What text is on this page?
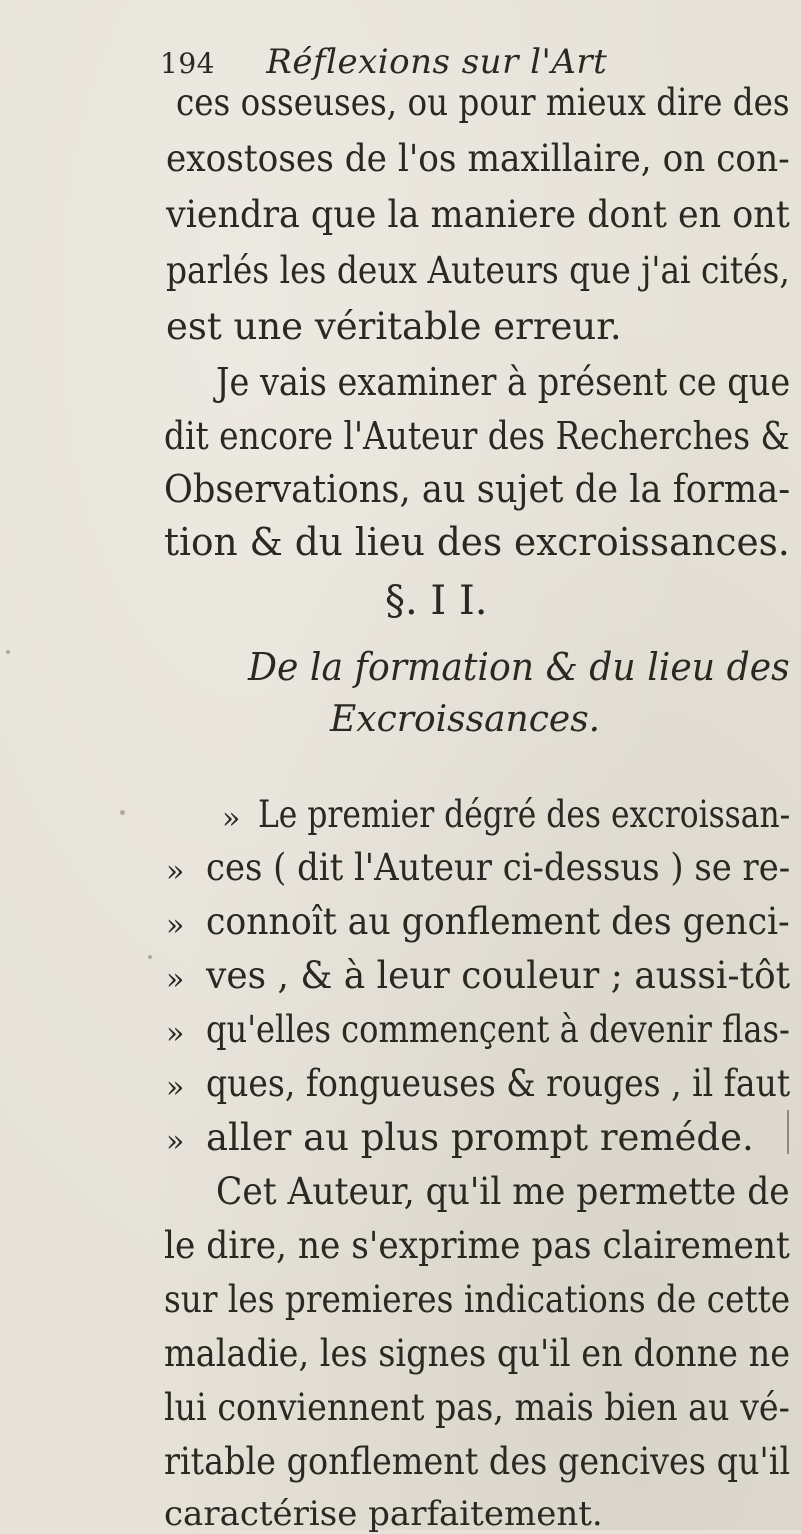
194 Réflexions sur l'Art
ces osseuses, ou pour mieux dire des
exostoses de l'os maxillaire, on con-
viendra que la maniere dont en ont
parlés les deux Auteurs que j'ai cités,
est une véritable erreur.
Je vais examiner à présent ce que
dit encore l'Auteur des Recherches &
Observations, au sujet de la forma-
tion & du lieu des excroissances.
§. I I.
De la formation & du lieu des
Excroissances.
» Le premier dégré des excroissan-
» ces ( dit l'Auteur ci-dessus ) se re-
» connoît au gonflement des genci-
» ves , & à leur couleur ; aussi-tôt
» qu'elles commençent à devenir flas-
» ques, fongueuses & rouges , il faut
» aller au plus prompt reméde.
Cet Auteur, qu'il me permette de
le dire, ne s'exprime pas clairement
sur les premieres indications de cette
maladie, les signes qu'il en donne ne
lui conviennent pas, mais bien au vé-
ritable gonflement des gencives qu'il
caractérise parfaitement.
